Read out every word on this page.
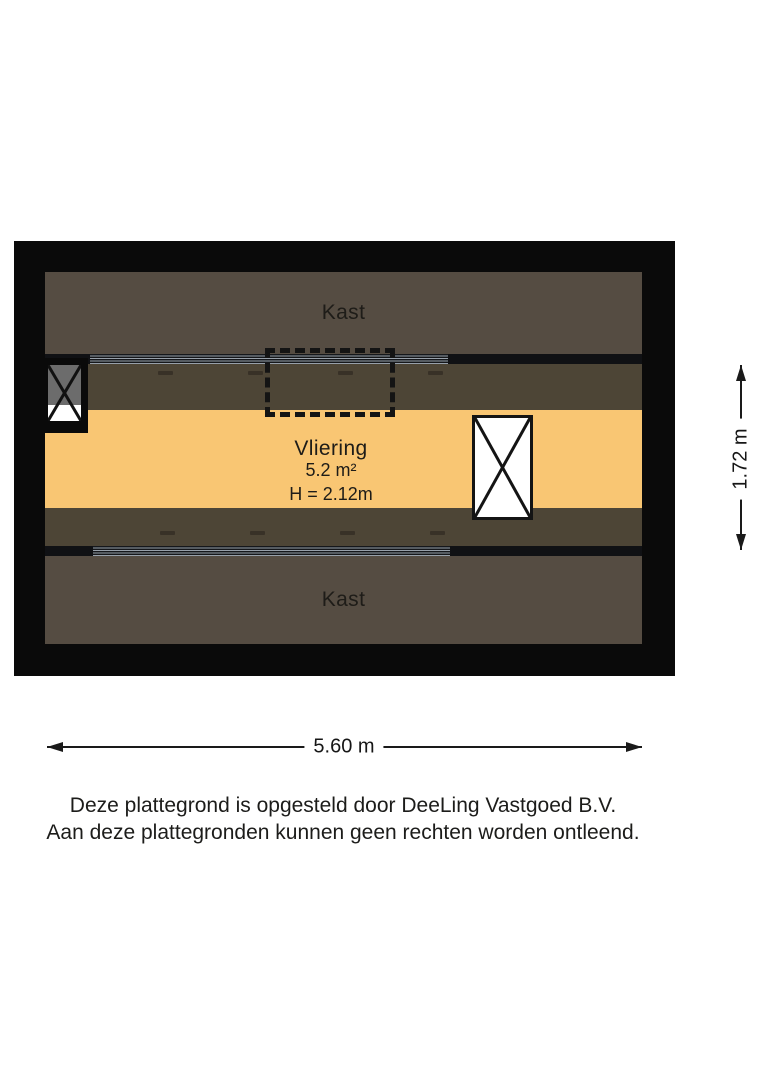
Kast
Kast
Vliering
5.2 m²
H = 2.12m
1.72 m
5.60 m
Deze plattegrond is opgesteld door DeeLing Vastgoed B.V.
Aan deze plattegronden kunnen geen rechten worden ontleend.
